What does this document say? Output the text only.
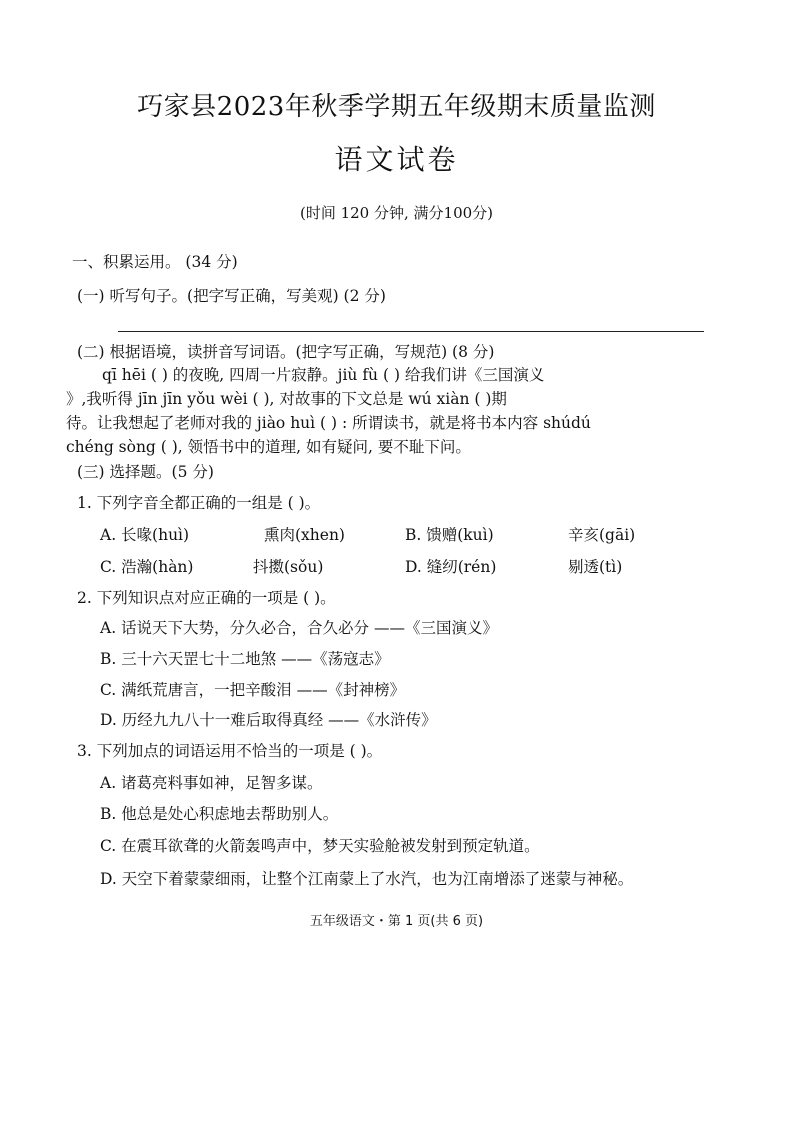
巧家县2023年秋季学期五年级期末质量监测
语文试卷
(时间 120 分钟, 满分100分)
一、积累运用。 (34 分)
(一) 听写句子。(把字写正确，写美观) (2 分)
(二) 根据语境，读拼音写词语。(把字写正确，写规范) (8 分)
qī hēi ( ) 的夜晚, 四周一片寂静。jiù fù ( ) 给我们讲《三国演义
》,我听得 jīn jīn yǒu wèi ( ), 对故事的下文总是 wú xiàn ( )期
待。让我想起了老师对我的 jiào huì ( ) : 所谓读书，就是将书本内容 shúdú
chéng sòng ( ), 领悟书中的道理, 如有疑问, 要不耻下问。
(三) 选择题。(5 分)
1. 下列字音全都正确的一组是 ( )。
A. 长喙(huì)	熏肉(xhen)	B. 馈赠(kuì)	辛亥(gāi)
C. 浩瀚(hàn)	抖擞(sǒu)	D. 缝纫(rén)	剔透(tì)
2. 下列知识点对应正确的一项是 ( )。
A. 话说天下大势，分久必合，合久必分 ——《三国演义》
B. 三十六天罡七十二地煞 ——《荡寇志》
C. 满纸荒唐言，一把辛酸泪 ——《封神榜》
D. 历经九九八十一难后取得真经 ——《水浒传》
3. 下列加点的词语运用不恰当的一项是 ( )。
A. 诸葛亮料事如神，足智多谋。
B. 他总是处心积虑地去帮助别人。
C. 在震耳欲聋的火箭轰鸣声中，梦天实验舱被发射到预定轨道。
D. 天空下着蒙蒙细雨，让整个江南蒙上了水汽，也为江南增添了迷蒙与神秘。
五年级语文・第 1 页(共 6 页)
